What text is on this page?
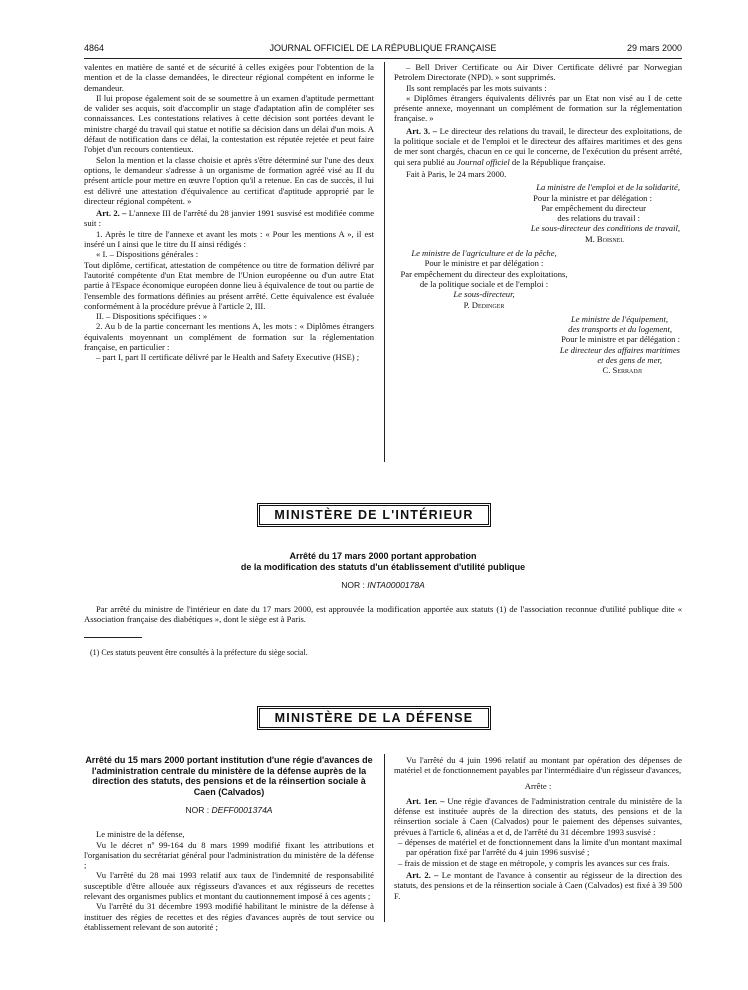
4864	JOURNAL OFFICIEL DE LA RÉPUBLIQUE FRANÇAISE	29 mars 2000

valentes en matière de santé et de sécurité à celles exigées pour l'obtention de la mention et de la classe demandées, le directeur régional compétent en informe le demandeur.

Il lui propose également soit de se soumettre à un examen d'aptitude permettant de valider ses acquis, soit d'accomplir un stage d'adaptation afin de compléter ses connaissances. Les contestations relatives à cette décision sont portées devant le ministre chargé du travail qui statue et notifie sa décision dans un délai d'un mois. A défaut de notification dans ce délai, la contestation est réputée rejetée et peut faire l'objet d'un recours contentieux.

Selon la mention et la classe choisie et après s'être déterminé sur l'une des deux options, le demandeur s'adresse à un organisme de formation agréé visé au II du présent article pour mettre en œuvre l'option qu'il a retenue. En cas de succès, il lui est délivré une attestation d'équivalence au certificat d'aptitude approprié par le directeur régional compétent. »

Art. 2. – L'annexe III de l'arrêté du 28 janvier 1991 susvisé est modifiée comme suit :

1. Après le titre de l'annexe et avant les mots : « Pour les mentions A », il est inséré un I ainsi que le titre du II ainsi rédigés :

« I. – Dispositions générales :

Tout diplôme, certificat, attestation de compétence ou titre de formation délivré par l'autorité compétente d'un Etat membre de l'Union européenne ou d'un autre Etat partie à l'Espace économique européen donne lieu à équivalence de tout ou partie de l'ensemble des formations définies au présent arrêté. Cette équivalence est évaluée conformément à la procédure prévue à l'article 2, III.

II. – Dispositions spécifiques : »

2. Au b de la partie concernant les mentions A, les mots : « Diplômes étrangers équivalents moyennant un complément de formation sur la réglementation française, en particulier :

– part I, part II certificate délivré par le Health and Safety Executive (HSE) ;

– Bell Driver Certificate ou Air Diver Certificate délivré par Norwegian Petrolem Directorate (NPD). » sont supprimés.

Ils sont remplacés par les mots suivants :

« Diplômes étrangers équivalents délivrés par un Etat non visé au I de cette présente annexe, moyennant un complément de formation sur la réglementation française. »

Art. 3. – Le directeur des relations du travail, le directeur des exploitations, de la politique sociale et de l'emploi et le directeur des affaires maritimes et des gens de mer sont chargés, chacun en ce qui le concerne, de l'exécution du présent arrêté, qui sera publié au Journal officiel de la République française.

Fait à Paris, le 24 mars 2000.

La ministre de l'emploi et de la solidarité,

Pour la ministre et par délégation :

Par empêchement du directeur

des relations du travail :

Le sous-directeur des conditions de travail,

M. Boisnel

Le ministre de l'agriculture et de la pêche,

Pour le ministre et par délégation :

Par empêchement du directeur des exploitations,

de la politique sociale et de l'emploi :

Le sous-directeur,

P. Dedinger

Le ministre de l'équipement,

des transports et du logement,

Pour le ministre et par délégation :

Le directeur des affaires maritimes

et des gens de mer,

C. Serradji

MINISTÈRE DE L'INTÉRIEUR
Arrêté du 17 mars 2000 portant approbation
de la modification des statuts d'un établissement d'utilité publique
NOR : INTA0000178A

Par arrêté du ministre de l'intérieur en date du 17 mars 2000, est approuvée la modification apportée aux statuts (1) de l'association reconnue d'utilité publique dite « Association française des diabétiques », dont le siège est à Paris.

(1) Ces statuts peuvent être consultés à la préfecture du siège social.

MINISTÈRE DE LA DÉFENSE

Arrêté du 15 mars 2000 portant institution d'une régie d'avances de l'administration centrale du ministère de la défense auprès de la direction des statuts, des pensions et de la réinsertion sociale à Caen (Calvados)

NOR : DEFF0001374A

Le ministre de la défense,

Vu le décret nº 99-164 du 8 mars 1999 modifié fixant les attributions et l'organisation du secrétariat général pour l'administration du ministère de la défense ;

Vu l'arrêté du 28 mai 1993 relatif aux taux de l'indemnité de responsabilité susceptible d'être allouée aux régisseurs d'avances et aux régisseurs de recettes relevant des organismes publics et montant du cautionnement imposé à ces agents ;

Vu l'arrêté du 31 décembre 1993 modifié habilitant le ministre de la défense à instituer des régies de recettes et des régies d'avances auprès de tout service ou établissement relevant de son autorité ;

Vu l'arrêté du 4 juin 1996 relatif au montant par opération des dépenses de matériel et de fonctionnement payables par l'intermédiaire d'un régisseur d'avances,

Arrête :

Art. 1er. – Une régie d'avances de l'administration centrale du ministère de la défense est instituée auprès de la direction des statuts, des pensions et de la réinsertion sociale à Caen (Calvados) pour le paiement des dépenses suivantes, prévues à l'article 6, alinéas a et d, de l'arrêté du 31 décembre 1993 susvisé :

– dépenses de matériel et de fonctionnement dans la limite d'un montant maximal par opération fixé par l'arrêté du 4 juin 1996 susvisé ;

– frais de mission et de stage en métropole, y compris les avances sur ces frais.

Art. 2. – Le montant de l'avance à consentir au régisseur de la direction des statuts, des pensions et de la réinsertion sociale à Caen (Calvados) est fixé à 39 500 F.
